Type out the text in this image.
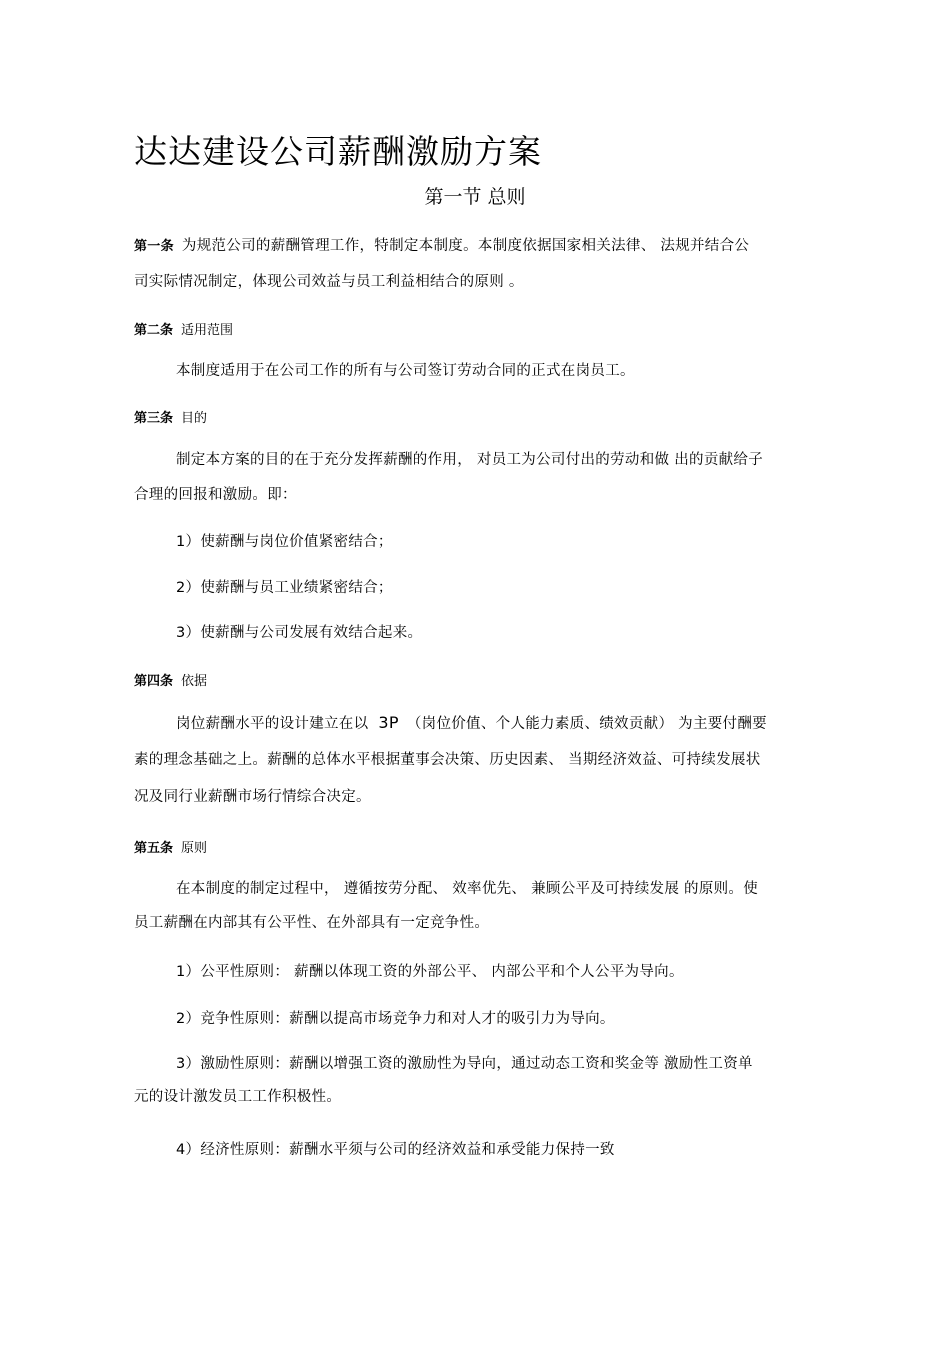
达达建设公司薪酬激励方案
第一节 总则
第一条 为规范公司的薪酬管理工作，特制定本制度。本制度依据国家相关法律、 法规并结合公
司实际情况制定，体现公司效益与员工利益相结合的原则 。
第二条 适用范围
本制度适用于在公司工作的所有与公司签订劳动合同的正式在岗员工。
第三条 目的
制定本方案的目的在于充分发挥薪酬的作用， 对员工为公司付出的劳动和做 出的贡献给子
合理的回报和激励。即：
1）使薪酬与岗位价值紧密结合；
2）使薪酬与员工业绩紧密结合；
3）使薪酬与公司发展有效结合起来。
第四条 依据
岗位薪酬水平的设计建立在以 3P （岗位价值、个人能力素质、绩效贡献） 为主要付酬要
素的理念基础之上。薪酬的总体水平根据董事会决策、历史因素、 当期经济效益、可持续发展状
况及同行业薪酬市场行情综合决定。
第五条 原则
在本制度的制定过程中， 遵循按劳分配、 效率优先、 兼顾公平及可持续发展 的原则。使
员工薪酬在内部其有公平性、在外部具有一定竞争性。
1）公平性原则： 薪酬以体现工资的外部公平、 内部公平和个人公平为导向。
2）竞争性原则：薪酬以提高市场竞争力和对人才的吸引力为导向。
3）激励性原则：薪酬以增强工资的激励性为导向，通过动态工资和奖金等 激励性工资单
元的设计激发员工工作积极性。
4）经济性原则：薪酬水平须与公司的经济效益和承受能力保持一致
